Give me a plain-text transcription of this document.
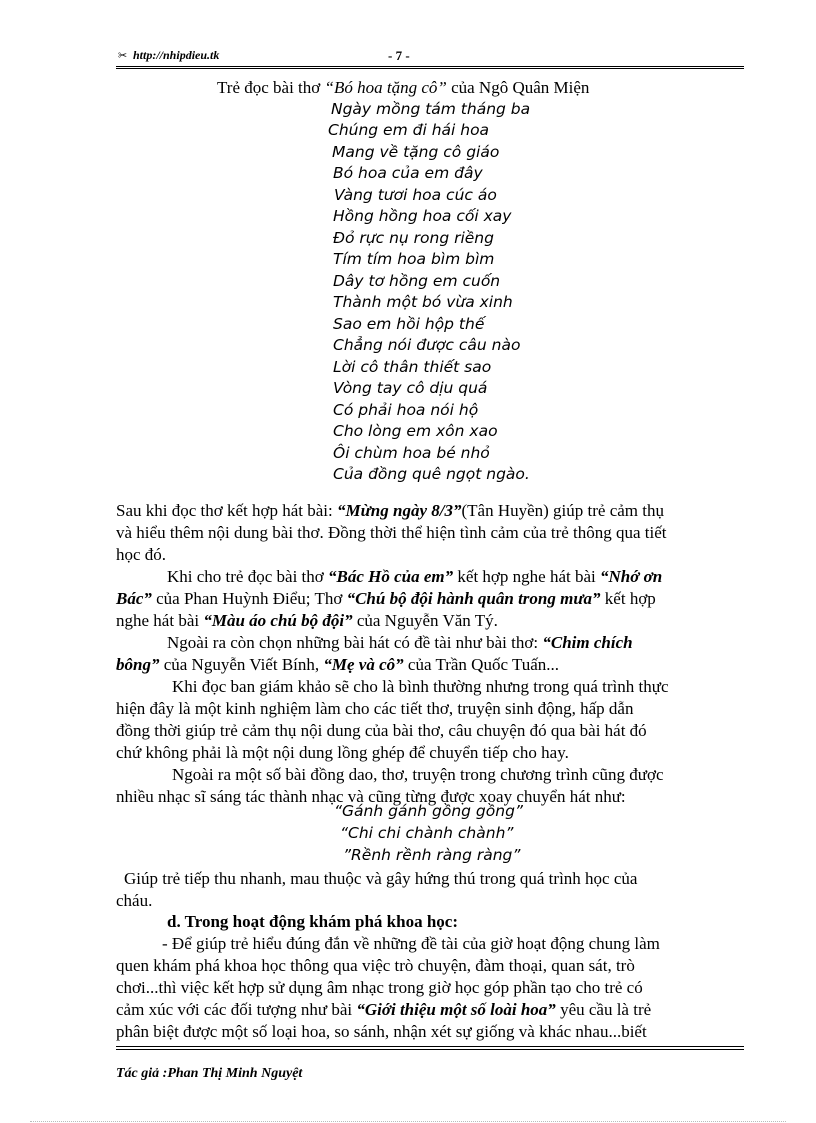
✂ http://nhipdieu.tk	- 7 -
Trẻ đọc bài thơ “Bó hoa tặng cô” của Ngô Quân Miện
Ngày mồng tám tháng ba
Chúng em đi hái hoa
Mang về tặng cô giáo
Bó hoa của em đây
Vàng tươi hoa cúc áo
Hồng hồng hoa cối xay
Đỏ rực nụ rong riềng
Tím tím hoa bìm bìm
Dây tơ hồng em cuốn
Thành một bó vừa xinh
Sao em hồi hộp thế
Chẳng nói được câu nào
Lời cô thân thiết sao
Vòng tay cô dịu quá
Có phải hoa nói hộ
Cho lòng em xôn xao
Ôi chùm hoa bé nhỏ
Của đồng quê ngọt ngào.
Sau khi đọc thơ kết hợp hát bài: “Mừng ngày 8/3”(Tân Huyền) giúp trẻ cảm thụ
và hiểu thêm nội dung bài thơ. Đồng thời thể hiện tình cảm của trẻ thông qua tiết
học đó.
Khi cho trẻ đọc bài thơ “Bác Hồ của em” kết hợp nghe hát bài “Nhớ ơn
Bác” của Phan Huỳnh Điểu; Thơ “Chú bộ đội hành quân trong mưa” kết hợp
nghe hát bài “Màu áo chú bộ đội” của Nguyễn Văn Tý.
Ngoài ra còn chọn những bài hát có đề tài như bài thơ: “Chim chích
bông” của Nguyễn Viết Bính, “Mẹ và cô” của Trần Quốc Tuấn...
Khi đọc ban giám khảo sẽ cho là bình thường nhưng trong quá trình thực
hiện đây là một kinh nghiệm làm cho các tiết thơ, truyện sinh động, hấp dẫn
đồng thời giúp trẻ cảm thụ nội dung của bài thơ, câu chuyện đó qua bài hát đó
chứ không phải là một nội dung lồng ghép để chuyển tiếp cho hay.
Ngoài ra một số bài đồng dao, thơ, truyện trong chương trình cũng được
nhiều nhạc sĩ sáng tác thành nhạc và cũng từng được xoay chuyển hát như:
“Gánh gánh gồng gồng”
“Chi chi chành chành”
”Rềnh rềnh ràng ràng”
Giúp trẻ tiếp thu nhanh, mau thuộc và gây hứng thú trong quá trình học của
cháu.
d. Trong hoạt động khám phá khoa học:
- Để giúp trẻ hiểu đúng đắn về những đề tài của giờ hoạt động chung làm
quen khám phá khoa học thông qua việc trò chuyện, đàm thoại, quan sát, trò
chơi...thì việc kết hợp sử dụng âm nhạc trong giờ học góp phần tạo cho trẻ có
cảm xúc với các đối tượng như bài “Giới thiệu một số loài hoa” yêu cầu là trẻ
phân biệt được một số loại hoa, so sánh, nhận xét sự giống và khác nhau...biết
Tác giả :Phan Thị Minh Nguyệt
